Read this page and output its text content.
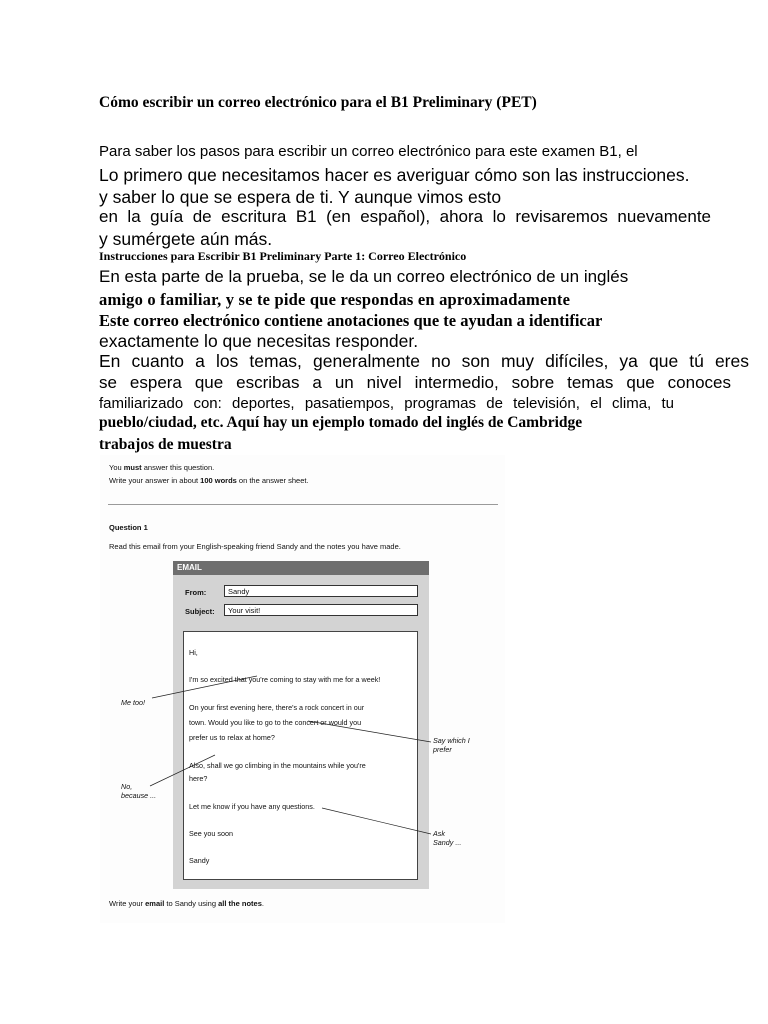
Cómo escribir un correo electrónico para el B1 Preliminary (PET)
Para saber los pasos para escribir un correo electrónico para este examen B1, el
Lo primero que necesitamos hacer es averiguar cómo son las instrucciones.
y saber lo que se espera de ti. Y aunque vimos esto
en la guía de escritura B1 (en español), ahora lo revisaremos nuevamente
y sumérgete aún más.
Instrucciones para Escribir B1 Preliminary Parte 1: Correo Electrónico
En esta parte de la prueba, se le da un correo electrónico de un inglés
amigo o familiar, y se te pide que respondas en aproximadamente
Este correo electrónico contiene anotaciones que te ayudan a identificar
exactamente lo que necesitas responder.
En cuanto a los temas, generalmente no son muy difíciles, ya que tú eres
se espera que escribas a un nivel intermedio, sobre temas que conoces
familiarizado con: deportes, pasatiempos, programas de televisión, el clima, tu
pueblo/ciudad, etc. Aquí hay un ejemplo tomado del inglés de Cambridge
trabajos de muestra
You must answer this question.
Write your answer in about 100 words on the answer sheet.
Question 1
Read this email from your English-speaking friend Sandy and the notes you have made.
EMAIL
From:	Sandy
Subject:	Your visit!
Hi,
I'm so excited that you're coming to stay with me for a week!
On your first evening here, there's a rock concert in our
town. Would you like to go to the concert or would you
prefer us to relax at home?
Also, shall we go climbing in the mountains while you're
here?
Let me know if you have any questions.
See you soon
Sandy
Me too!
No,
because ...
Say which I
prefer
Ask
Sandy ...
Write your email to Sandy using all the notes.
